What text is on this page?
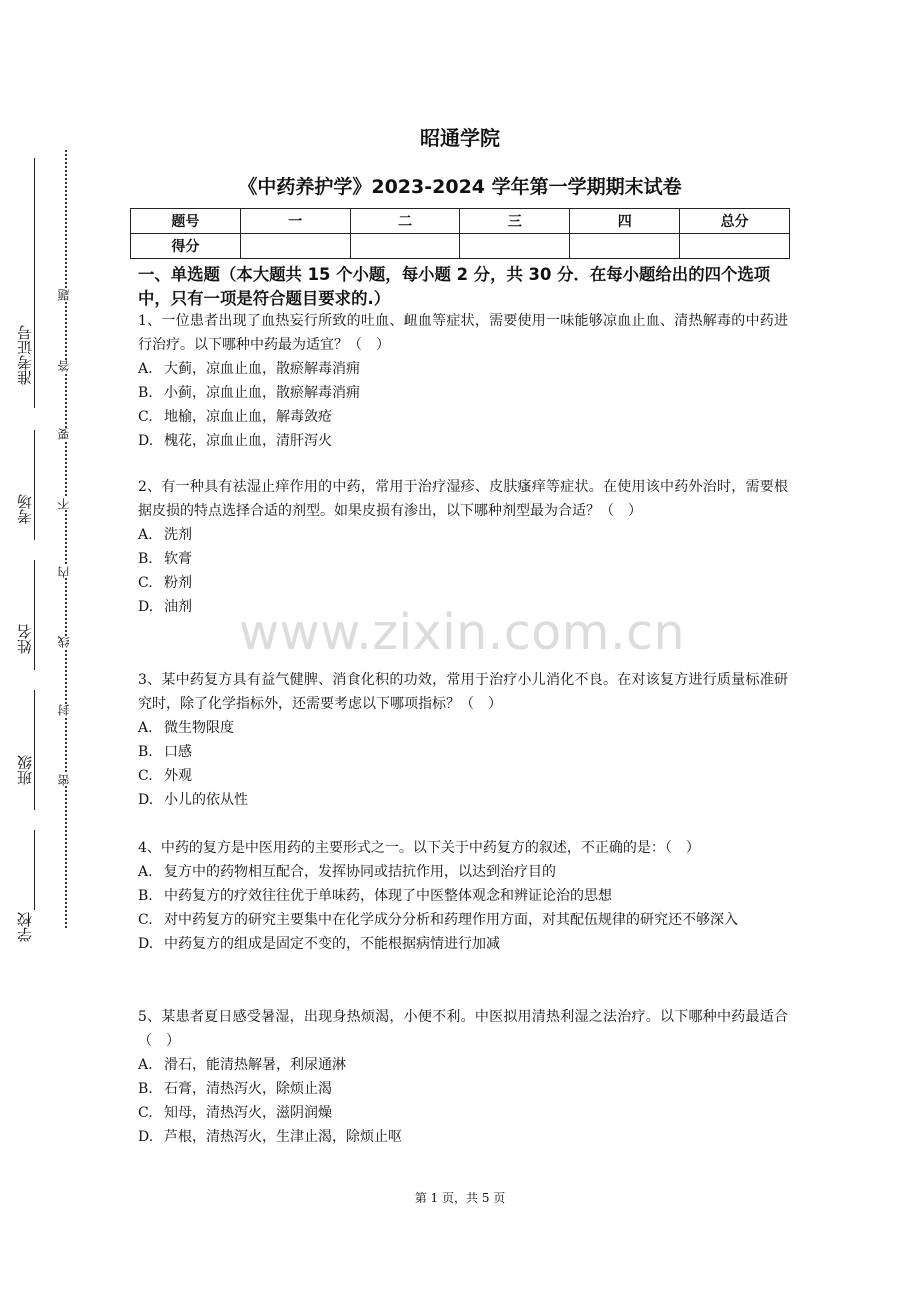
准考证号
考场
姓名
班级
学校
题
答
要
不
内
线
封
密
昭通学院
《中药养护学》2023-2024 学年第一学期期末试卷
题号	一	二	三	四	总分
得分					
一、单选题（本大题共 15 个小题，每小题 2 分，共 30 分．在每小题给出的四个选项中，只有一项是符合题目要求的.）
www.zixin.com.cn
1、一位患者出现了血热妄行所致的吐血、衄血等症状，需要使用一味能够凉血止血、清热解毒的中药进行治疗。以下哪种中药最为适宜？（　）
A. 大蓟，凉血止血，散瘀解毒消痈
B. 小蓟，凉血止血，散瘀解毒消痈
C. 地榆，凉血止血，解毒敛疮
D. 槐花，凉血止血，清肝泻火
2、有一种具有祛湿止痒作用的中药，常用于治疗湿疹、皮肤瘙痒等症状。在使用该中药外治时，需要根据皮损的特点选择合适的剂型。如果皮损有渗出，以下哪种剂型最为合适？（　）
A. 洗剂
B. 软膏
C. 粉剂
D. 油剂
3、某中药复方具有益气健脾、消食化积的功效，常用于治疗小儿消化不良。在对该复方进行质量标准研究时，除了化学指标外，还需要考虑以下哪项指标？（　）
A. 微生物限度
B. 口感
C. 外观
D. 小儿的依从性
4、中药的复方是中医用药的主要形式之一。以下关于中药复方的叙述，不正确的是：（　）
A. 复方中的药物相互配合，发挥协同或拮抗作用，以达到治疗目的
B. 中药复方的疗效往往优于单味药，体现了中医整体观念和辨证论治的思想
C. 对中药复方的研究主要集中在化学成分分析和药理作用方面，对其配伍规律的研究还不够深入
D. 中药复方的组成是固定不变的，不能根据病情进行加减
5、某患者夏日感受暑湿，出现身热烦渴，小便不利。中医拟用清热利湿之法治疗。以下哪种中药最适合（　）
A. 滑石，能清热解暑，利尿通淋
B. 石膏，清热泻火，除烦止渴
C. 知母，清热泻火，滋阴润燥
D. 芦根，清热泻火，生津止渴，除烦止呕
第 1 页，共 5 页
